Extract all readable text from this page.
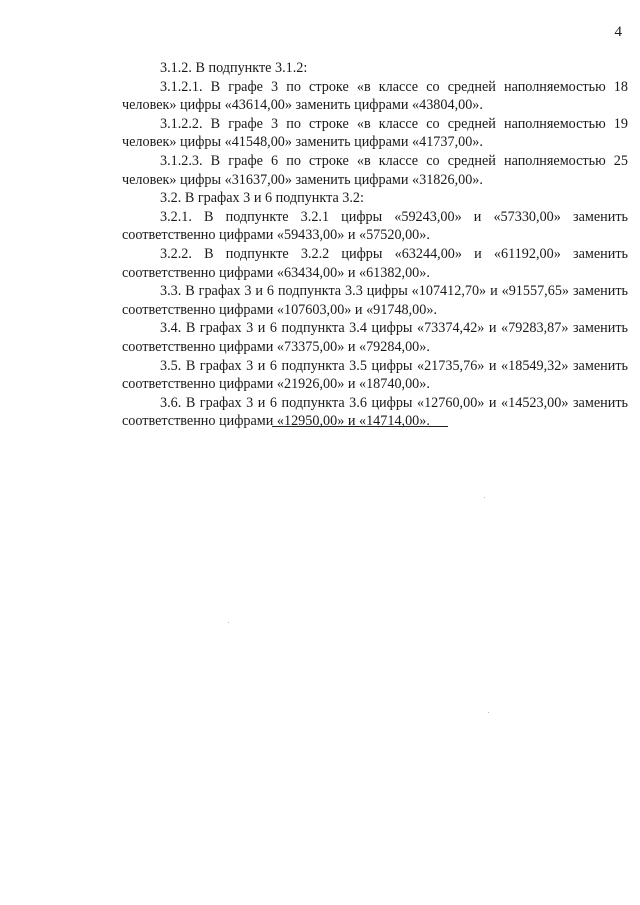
4

3.1.2. В подпункте 3.1.2:

3.1.2.1. В графе 3 по строке «в классе со средней наполняемостью 18 человек» цифры «43614,00» заменить цифрами «43804,00».

3.1.2.2. В графе 3 по строке «в классе со средней наполняемостью 19 человек» цифры «41548,00» заменить цифрами «41737,00».

3.1.2.3. В графе 6 по строке «в классе со средней наполняемостью 25 человек» цифры «31637,00» заменить цифрами «31826,00».

3.2. В графах 3 и 6 подпункта 3.2:

3.2.1. В подпункте 3.2.1 цифры «59243,00» и «57330,00» заменить соответственно цифрами «59433,00» и «57520,00».

3.2.2. В подпункте 3.2.2 цифры «63244,00» и «61192,00» заменить соответственно цифрами «63434,00» и «61382,00».

3.3. В графах 3 и 6 подпункта 3.3 цифры «107412,70» и «91557,65» заменить соответственно цифрами «107603,00» и «91748,00».

3.4. В графах 3 и 6 подпункта 3.4 цифры «73374,42» и «79283,87» заменить соответственно цифрами «73375,00» и «79284,00».

3.5. В графах 3 и 6 подпункта 3.5 цифры «21735,76» и «18549,32» заменить соответственно цифрами «21926,00» и «18740,00».

3.6. В графах 3 и 6 подпункта 3.6 цифры «12760,00» и «14523,00» заменить соответственно цифрами «12950,00» и «14714,00».
